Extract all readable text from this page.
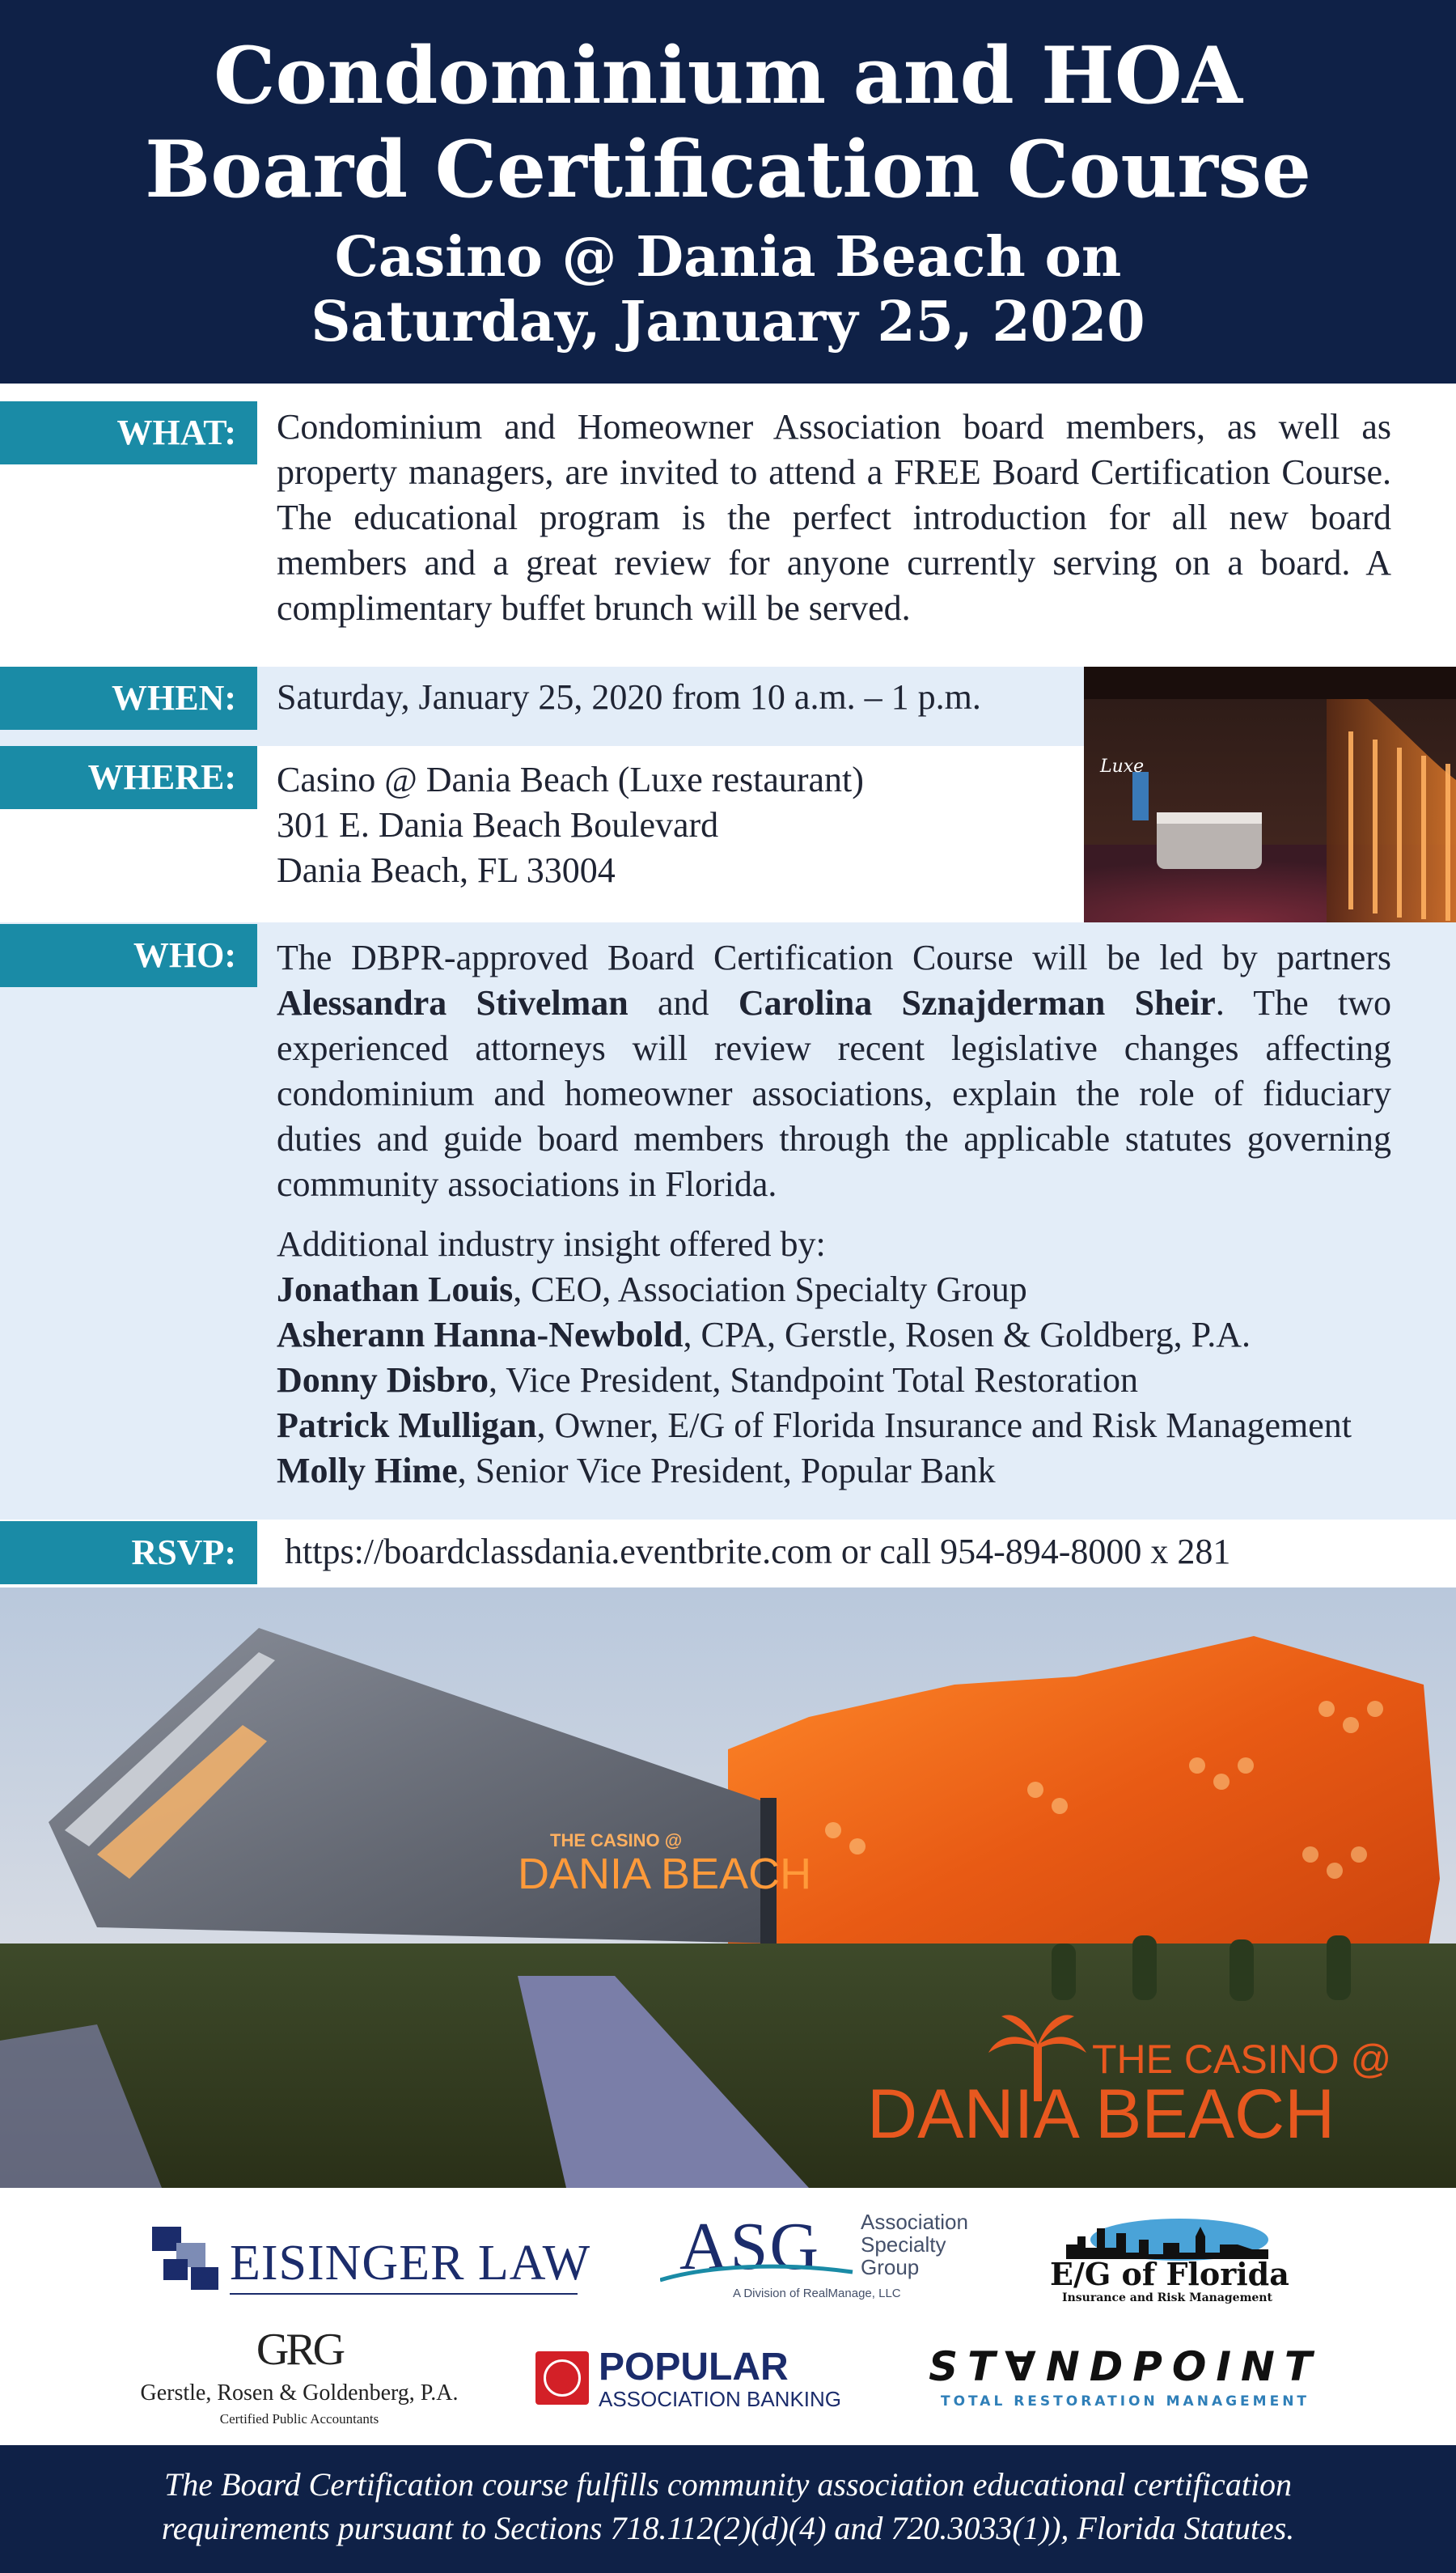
Condominium and HOA
Board Certification Course
Casino @ Dania Beach on
Saturday, January 25, 2020
WHAT:	Condominium and Homeowner Association board members, as well as property managers, are invited to attend a FREE Board Certification Course. The educational program is the perfect introduction for all new board members and a great review for anyone currently serving on a board. A complimentary buffet brunch will be served.
WHEN:	Saturday, January 25, 2020 from 10 a.m. – 1 p.m.
WHERE:	Casino @ Dania Beach (Luxe restaurant)
301 E. Dania Beach Boulevard
Dania Beach, FL 33004
Luxe
WHO:	The DBPR-approved Board Certification Course will be led by partners Alessandra Stivelman and Carolina Sznajderman Sheir. The two experienced attorneys will review recent legislative changes affecting condominium and homeowner associations, explain the role of fiduciary duties and guide board members through the applicable statutes governing community associations in Florida.
Additional industry insight offered by:
Jonathan Louis, CEO, Association Specialty Group
Asherann Hanna-Newbold, CPA, Gerstle, Rosen & Goldberg, P.A.
Donny Disbro, Vice President, Standpoint Total Restoration
Patrick Mulligan, Owner, E/G of Florida Insurance and Risk Management
Molly Hime, Senior Vice President, Popular Bank
RSVP:	https://boardclassdania.eventbrite.com or call 954-894-8000 x 281
THE CASINO @
DANIA BEACH
THE CASINO @
DANIA BEACH
EISINGER LAW ASG Association
Specialty
Group
A Division of RealManage, LLC
E/G of Florida
Insurance and Risk Management
GRG
Gerstle, Rosen & Goldenberg, P.A.
Certified Public Accountants
POPULAR
ASSOCIATION BANKING
ST∀NDPOINT
TOTAL RESTORATION MANAGEMENT
The Board Certification course fulfills community association educational certification
requirements pursuant to Sections 718.112(2)(d)(4) and 720.3033(1)), Florida Statutes.
